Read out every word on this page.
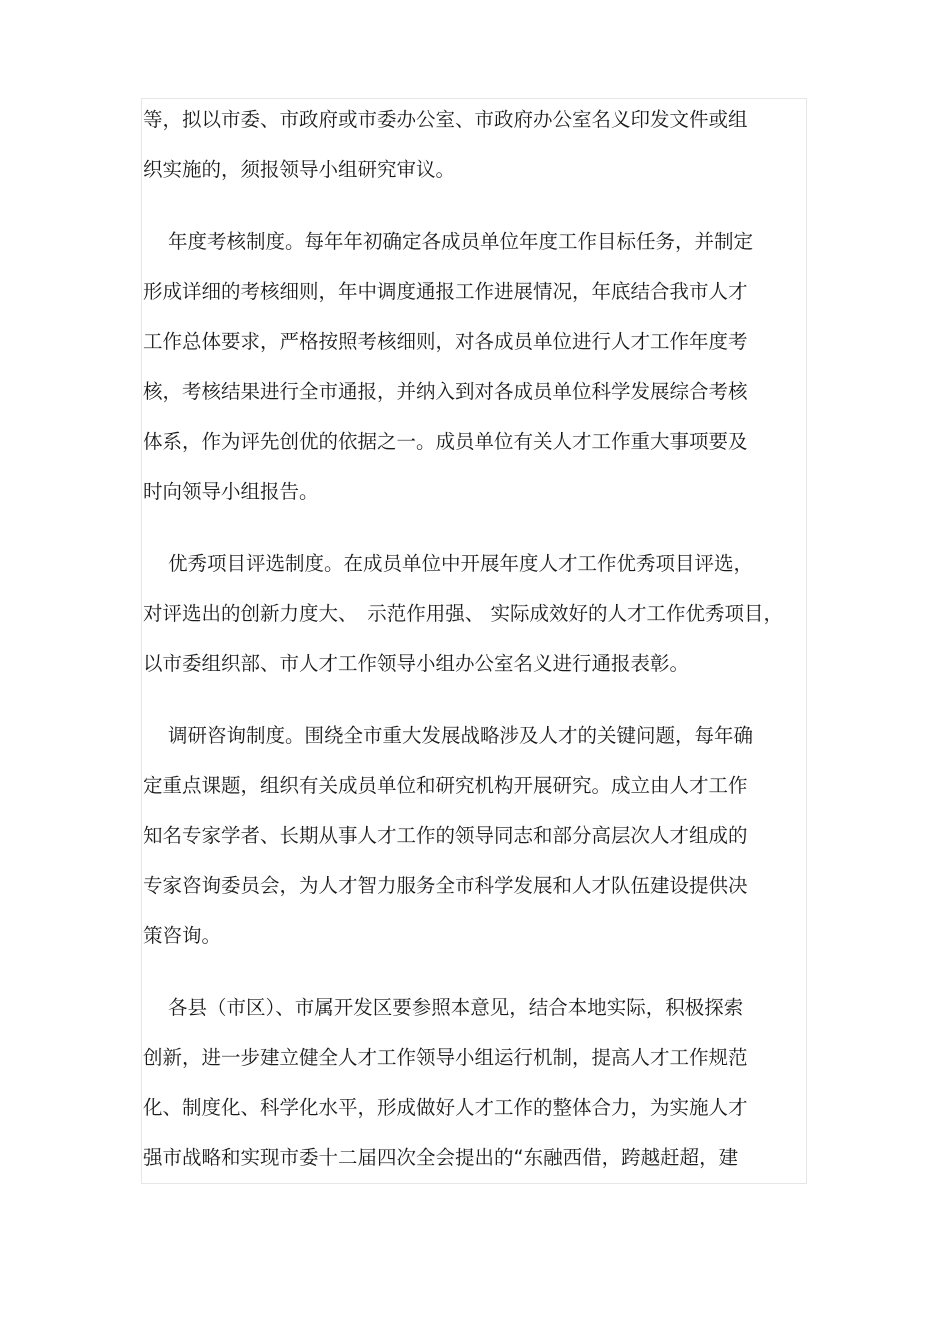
等，拟以市委、市政府或市委办公室、市政府办公室名义印发文件或组
织实施的，须报领导小组研究审议。
年度考核制度。每年年初确定各成员单位年度工作目标任务，并制定
形成详细的考核细则，年中调度通报工作进展情况，年底结合我市人才
工作总体要求，严格按照考核细则，对各成员单位进行人才工作年度考
核，考核结果进行全市通报，并纳入到对各成员单位科学发展综合考核
体系，作为评先创优的依据之一。成员单位有关人才工作重大事项要及
时向领导小组报告。
优秀项目评选制度。在成员单位中开展年度人才工作优秀项目评选，
对评选出的创新力度大、　示范作用强、 实际成效好的人才工作优秀项目，
以市委组织部、市人才工作领导小组办公室名义进行通报表彰。
调研咨询制度。围绕全市重大发展战略涉及人才的关键问题，每年确
定重点课题，组织有关成员单位和研究机构开展研究。成立由人才工作
知名专家学者、长期从事人才工作的领导同志和部分高层次人才组成的
专家咨询委员会，为人才智力服务全市科学发展和人才队伍建设提供决
策咨询。
各县（市区）、市属开发区要参照本意见，结合本地实际，积极探索
创新，进一步建立健全人才工作领导小组运行机制，提高人才工作规范
化、制度化、科学化水平，形成做好人才工作的整体合力，为实施人才
强市战略和实现市委十二届四次全会提出的“东融西借，跨越赶超，建
